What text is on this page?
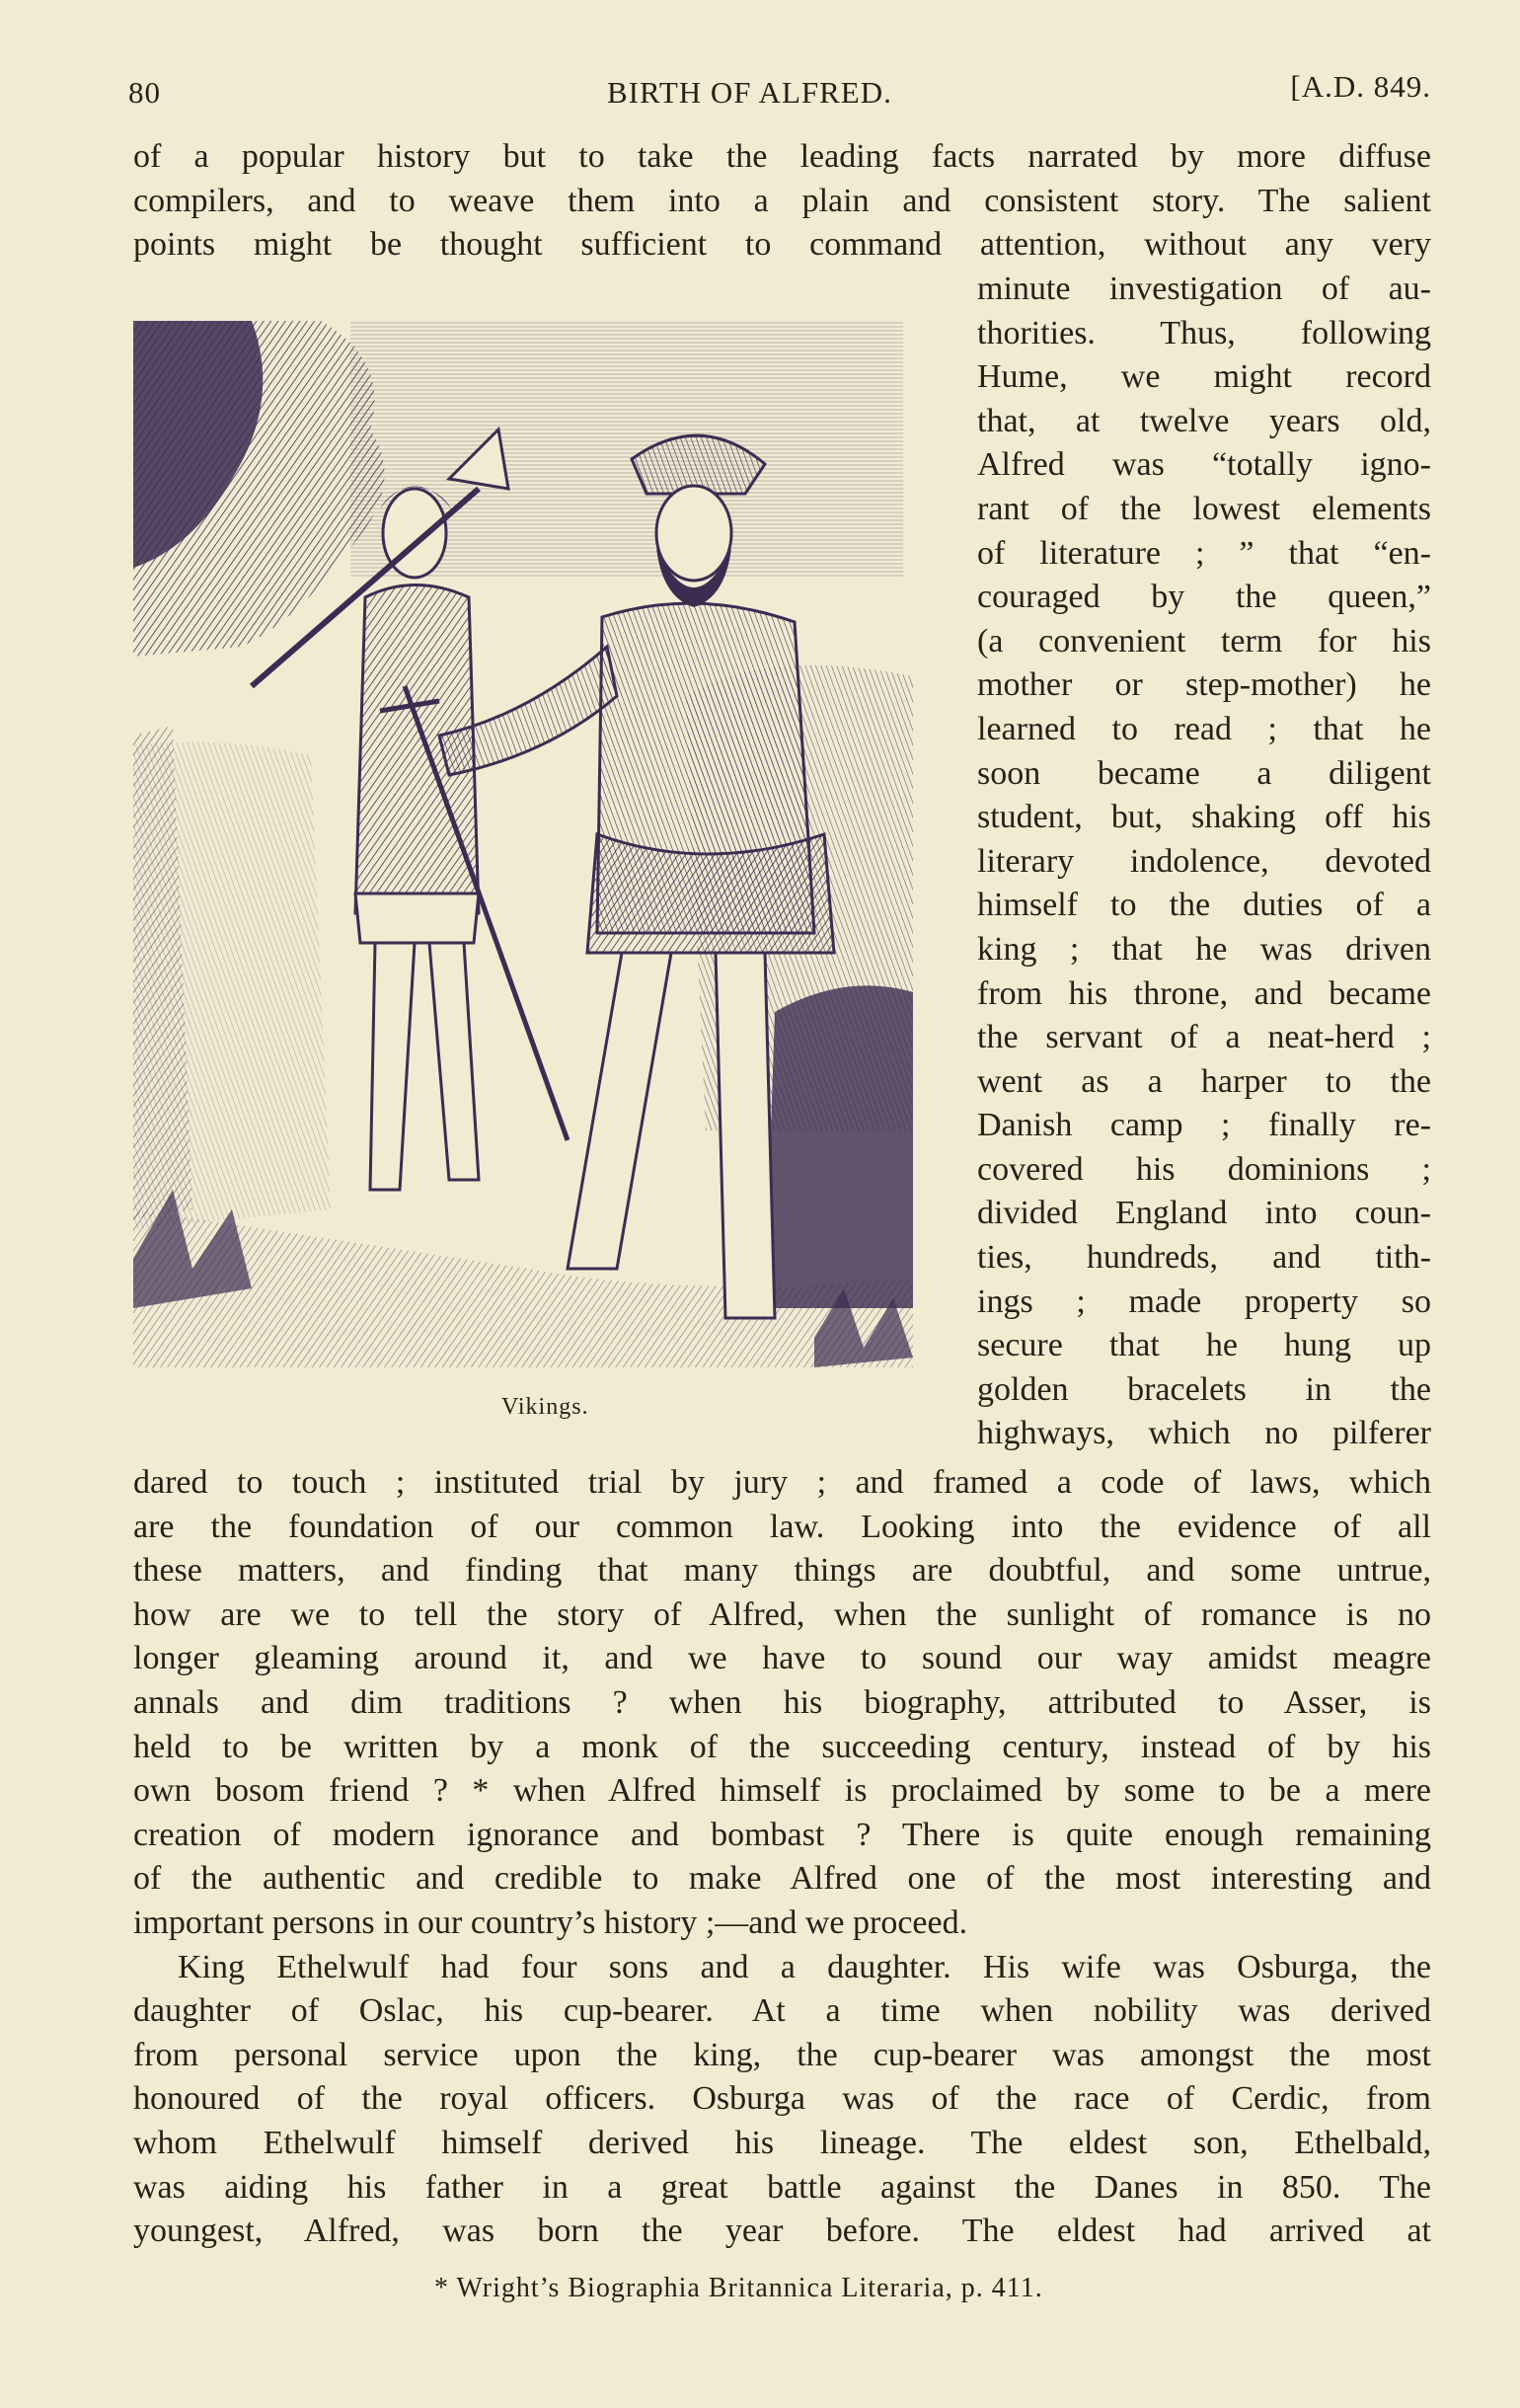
80	BIRTH OF ALFRED.	[A.D. 849.
of a popular history but to take the leading facts narrated by more diffuse
compilers, and to weave them into a plain and consistent story. The salient
points might be thought sufficient to command attention, without any very
Vikings.
minute investigation of au-
thorities. Thus, following
Hume, we might record
that, at twelve years old,
Alfred was “totally igno-
rant of the lowest elements
of literature ; ” that “en-
couraged by the queen,”
(a convenient term for his
mother or step-mother) he
learned to read ; that he
soon became a diligent
student, but, shaking off his
literary indolence, devoted
himself to the duties of a
king ; that he was driven
from his throne, and became
the servant of a neat-herd ;
went as a harper to the
Danish camp ; finally re-
covered his dominions ;
divided England into coun-
ties, hundreds, and tith-
ings ; made property so
secure that he hung up
golden bracelets in the
highways, which no pilferer
dared to touch ; instituted trial by jury ; and framed a code of laws, which
are the foundation of our common law. Looking into the evidence of all
these matters, and finding that many things are doubtful, and some untrue,
how are we to tell the story of Alfred, when the sunlight of romance is no
longer gleaming around it, and we have to sound our way amidst meagre
annals and dim traditions ? when his biography, attributed to Asser, is
held to be written by a monk of the succeeding century, instead of by his
own bosom friend ? * when Alfred himself is proclaimed by some to be a mere
creation of modern ignorance and bombast ? There is quite enough remaining
of the authentic and credible to make Alfred one of the most interesting and
important persons in our country’s history ;—and we proceed.
King Ethelwulf had four sons and a daughter. His wife was Osburga, the
daughter of Oslac, his cup-bearer. At a time when nobility was derived
from personal service upon the king, the cup-bearer was amongst the most
honoured of the royal officers. Osburga was of the race of Cerdic, from
whom Ethelwulf himself derived his lineage. The eldest son, Ethelbald,
was aiding his father in a great battle against the Danes in 850. The
youngest, Alfred, was born the year before. The eldest had arrived at
* Wright’s Biographia Britannica Literaria, p. 411.
